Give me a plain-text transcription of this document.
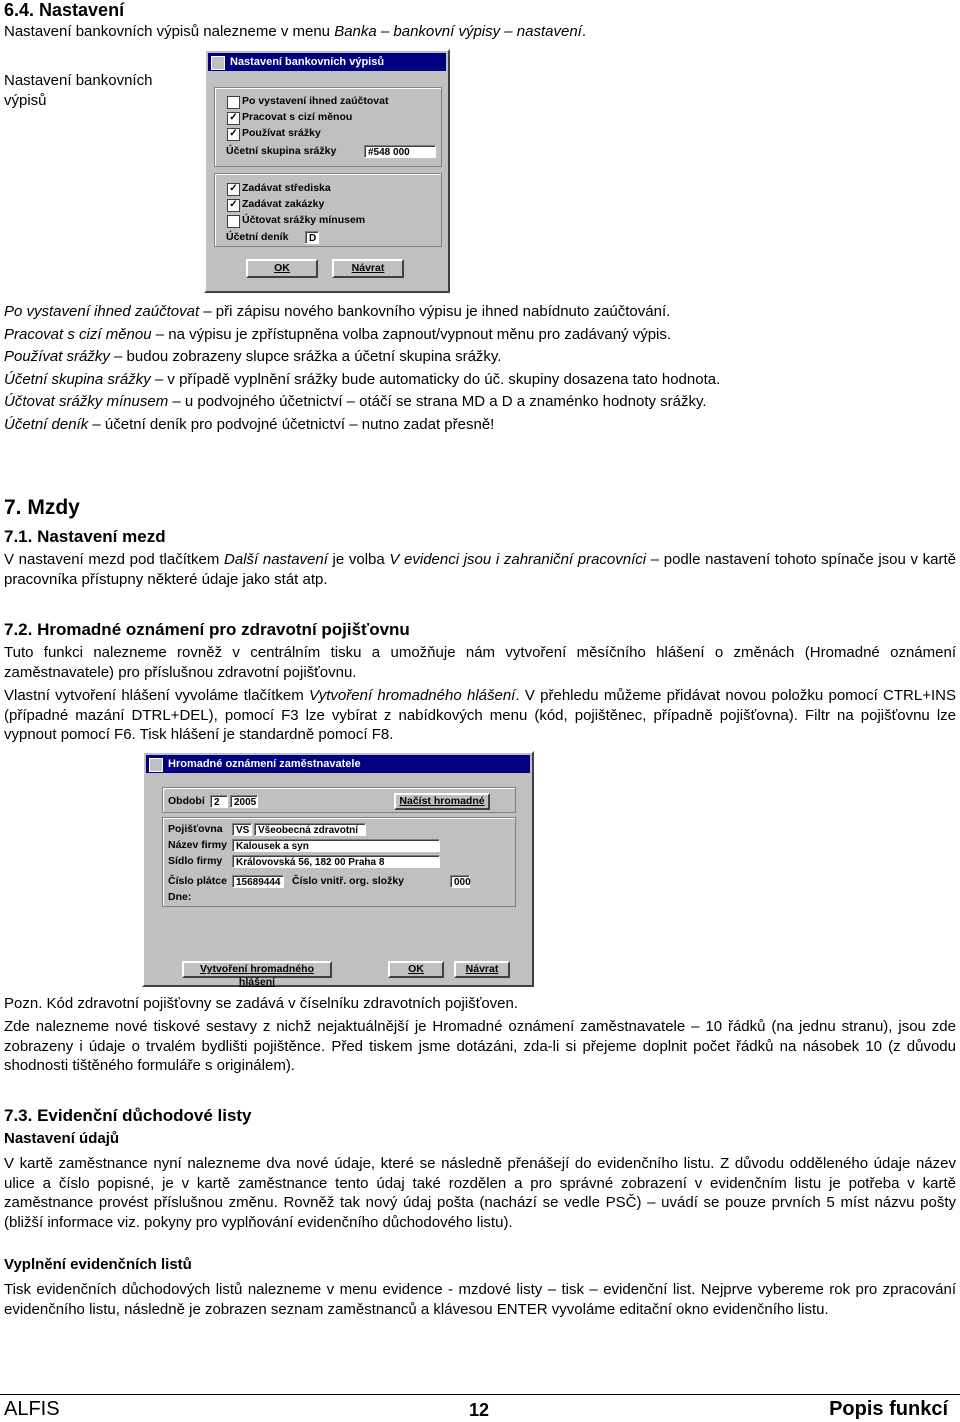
6.4. Nastavení
Nastavení bankovních výpisů nalezneme v menu Banka – bankovní výpisy – nastavení.
Nastavení bankovních výpisů
Nastavení bankovních výpisů
Po vystavení ihned zaúčtovat
✓ Pracovat s cizí měnou
✓ Používat srážky
Účetní skupina srážky	#548 000
✓ Zadávat střediska
✓ Zadávat zakázky
Účtovat srážky mínusem
Účetní deník	D
OK	Návrat
Po vystavení ihned zaúčtovat – při zápisu nového bankovního výpisu je ihned nabídnuto zaúčtování.
Pracovat s cizí měnou – na výpisu je zpřístupněna volba zapnout/vypnout měnu pro zadávaný výpis.
Používat srážky – budou zobrazeny slupce srážka a účetní skupina srážky.
Účetní skupina srážky – v případě vyplnění srážky bude automaticky do úč. skupiny dosazena tato hodnota.
Účtovat srážky mínusem – u podvojného účetnictví – otáčí se strana MD a D a znaménko hodnoty srážky.
Účetní deník – účetní deník pro podvojné účetnictví – nutno zadat přesně!
7. Mzdy
7.1. Nastavení mezd
V nastavení mezd pod tlačítkem Další nastavení je volba V evidenci jsou i zahraniční pracovníci – podle nastavení tohoto spínače jsou v kartě pracovníka přístupny některé údaje jako stát atp.
7.2. Hromadné oznámení pro zdravotní pojišťovnu
Tuto funkci nalezneme rovněž v centrálním tisku a umožňuje nám vytvoření měsíčního hlášení o změnách (Hromadné oznámení zaměstnavatele) pro příslušnou zdravotní pojišťovnu.
Vlastní vytvoření hlášení vyvoláme tlačítkem Vytvoření hromadného hlášení. V přehledu můžeme přidávat novou položku pomocí CTRL+INS (případné mazání DTRL+DEL), pomocí F3 lze vybírat z nabídkových menu (kód, pojištěnec, případně pojišťovna). Filtr na pojišťovnu lze vypnout pomocí F6. Tisk hlášení je standardně pomocí F8.
Hromadné oznámení zaměstnavatele
Období 2	2005	Načíst hromadné
Pojišťovna	VS Všeobecná zdravotní
Název firmy Kalousek a syn
Sídlo firmy	Královovská 56, 182 00 Praha 8
Číslo plátce 15689444	Číslo vnitř. org. složky	000
Dne:
Vytvoření hromadného hlášení
OK	Návrat
Pozn. Kód zdravotní pojišťovny se zadává v číselníku zdravotních pojišťoven.
Zde nalezneme nové tiskové sestavy z nichž nejaktuálnější je Hromadné oznámení zaměstnavatele – 10 řádků (na jednu stranu), jsou zde zobrazeny i údaje o trvalém bydlišti pojištěnce. Před tiskem jsme dotázáni, zda-li si přejeme doplnit počet řádků na násobek 10 (z důvodu shodnosti tištěného formuláře s originálem).
7.3. Evidenční důchodové listy
Nastavení údajů
V kartě zaměstnance nyní nalezneme dva nové údaje, které se následně přenášejí do evidenčního listu. Z důvodu odděleného údaje název ulice a číslo popisné, je v kartě zaměstnance tento údaj také rozdělen a pro správné zobrazení v evidenčním listu je potřeba v kartě zaměstnance provést příslušnou změnu. Rovněž tak nový údaj pošta (nachází se vedle PSČ) – uvádí se pouze prvních 5 míst názvu pošty (bližší informace viz. pokyny pro vyplňování evidenčního důchodového listu).
Vyplnění evidenčních listů
Tisk evidenčních důchodových listů nalezneme v menu evidence - mzdové listy – tisk – evidenční list. Nejprve vybereme rok pro zpracování evidenčního listu, následně je zobrazen seznam zaměstnanců a klávesou ENTER vyvoláme editační okno evidenčního listu.
ALFIS	12	Popis funkcí
